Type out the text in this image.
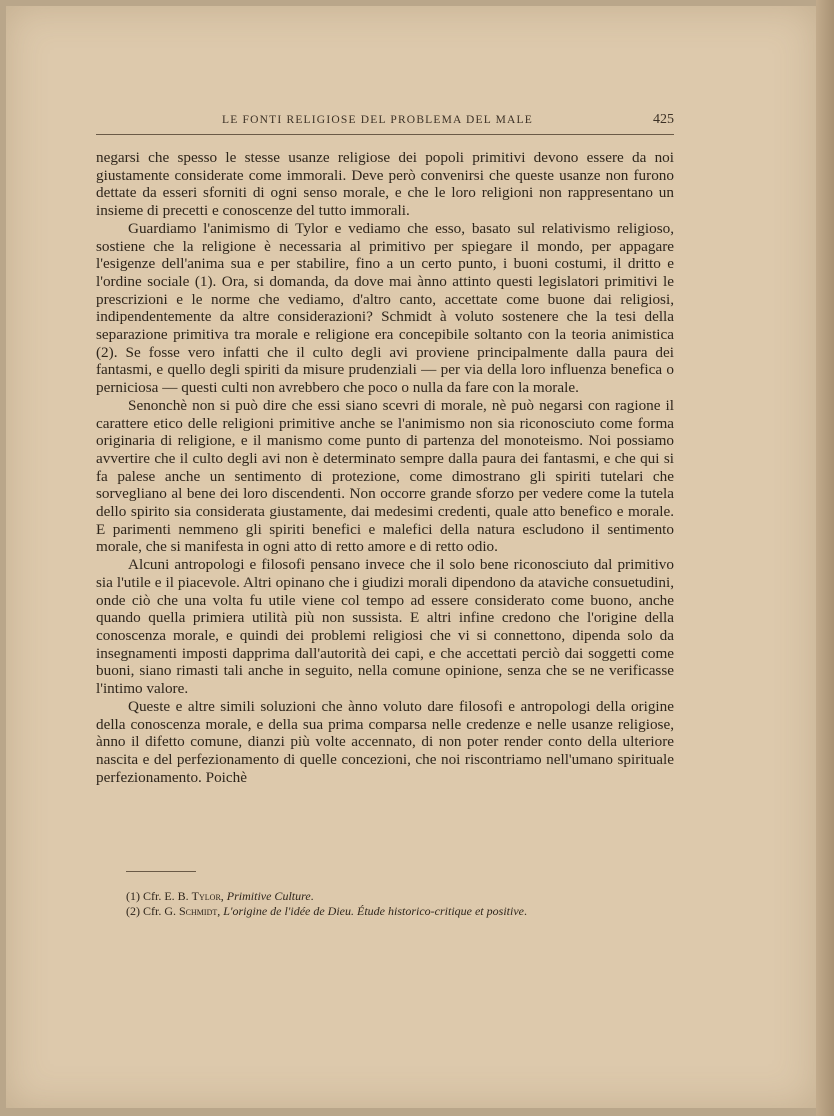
LE FONTI RELIGIOSE DEL PROBLEMA DEL MALE	425

negarsi che spesso le stesse usanze religiose dei popoli primitivi devono essere da noi giustamente considerate come immorali. Deve però convenirsi che queste usanze non furono dettate da esseri sforniti di ogni senso morale, e che le loro religioni non rappresentano un insieme di precetti e conoscenze del tutto immorali.

Guardiamo l'animismo di Tylor e vediamo che esso, basato sul relativismo religioso, sostiene che la religione è necessaria al primitivo per spiegare il mondo, per appagare l'esigenze dell'anima sua e per stabilire, fino a un certo punto, i buoni costumi, il dritto e l'ordine sociale (1). Ora, si domanda, da dove mai ànno attinto questi legislatori primitivi le prescrizioni e le norme che vediamo, d'altro canto, accettate come buone dai religiosi, indipendentemente da altre considerazioni? Schmidt à voluto sostenere che la tesi della separazione primitiva tra morale e religione era concepibile soltanto con la teoria animistica (2). Se fosse vero infatti che il culto degli avi proviene principalmente dalla paura dei fantasmi, e quello degli spiriti da misure prudenziali — per via della loro influenza benefica o perniciosa — questi culti non avrebbero che poco o nulla da fare con la morale.

Senonchè non si può dire che essi siano scevri di morale, nè può negarsi con ragione il carattere etico delle religioni primitive anche se l'animismo non sia riconosciuto come forma originaria di religione, e il manismo come punto di partenza del monoteismo. Noi possiamo avvertire che il culto degli avi non è determinato sempre dalla paura dei fantasmi, e che qui si fa palese anche un sentimento di protezione, come dimostrano gli spiriti tutelari che sorvegliano al bene dei loro discendenti. Non occorre grande sforzo per vedere come la tutela dello spirito sia considerata giustamente, dai medesimi credenti, quale atto benefico e morale. E parimenti nemmeno gli spiriti benefici e malefici della natura escludono il sentimento morale, che si manifesta in ogni atto di retto amore e di retto odio.

Alcuni antropologi e filosofi pensano invece che il solo bene riconosciuto dal primitivo sia l'utile e il piacevole. Altri opinano che i giudizi morali dipendono da ataviche consuetudini, onde ciò che una volta fu utile viene col tempo ad essere considerato come buono, anche quando quella primiera utilità più non sussista. E altri infine credono che l'origine della conoscenza morale, e quindi dei problemi religiosi che vi si connettono, dipenda solo da insegnamenti imposti dapprima dall'autorità dei capi, e che accettati perciò dai soggetti come buoni, siano rimasti tali anche in seguito, nella comune opinione, senza che se ne verificasse l'intimo valore.

Queste e altre simili soluzioni che ànno voluto dare filosofi e antropologi della origine della conoscenza morale, e della sua prima comparsa nelle credenze e nelle usanze religiose, ànno il difetto comune, dianzi più volte accennato, di non poter render conto della ulteriore nascita e del perfezionamento di quelle concezioni, che noi riscontriamo nell'umano spirituale perfezionamento. Poichè

(1) Cfr. E. B. Tylor, Primitive Culture.
(2) Cfr. G. Schmidt, L'origine de l'idée de Dieu. Étude historico-critique et positive.
